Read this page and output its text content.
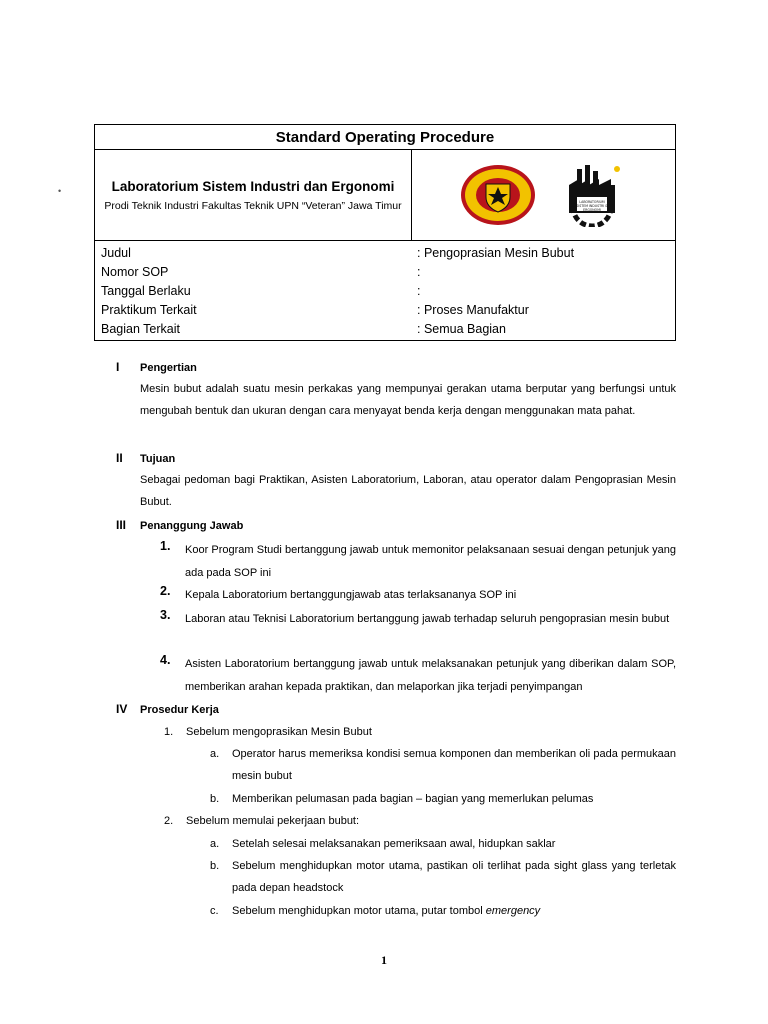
•
Standard Operating Procedure
Laboratorium Sistem Industri dan Ergonomi
Prodi Teknik Industri Fakultas Teknik UPN “Veteran” Jawa Timur	LABORATORIUM
SISTEM INDUSTRI &
ERGONOMI
Judul	: Pengoprasian Mesin Bubut
Nomor SOP	:
Tanggal Berlaku	:
Praktikum Terkait	: Proses Manufaktur
Bagian Terkait	: Semua Bagian
I Pengertian
Mesin bubut adalah suatu mesin perkakas yang mempunyai gerakan utama berputar yang berfungsi untuk mengubah bentuk dan ukuran dengan cara menyayat benda kerja dengan menggunakan mata pahat.
II Tujuan
Sebagai pedoman bagi Praktikan, Asisten Laboratorium, Laboran, atau operator dalam Pengoprasian Mesin Bubut.
III Penanggung Jawab
1. Koor Program Studi bertanggung jawab untuk memonitor pelaksanaan sesuai dengan petunjuk yang ada pada SOP ini
2. Kepala Laboratorium bertanggungjawab atas terlaksananya SOP ini
3. Laboran atau Teknisi Laboratorium bertanggung jawab terhadap seluruh pengoprasian mesin bubut
4. Asisten Laboratorium bertanggung jawab untuk melaksanakan petunjuk yang diberikan dalam SOP, memberikan arahan kepada praktikan, dan melaporkan jika terjadi penyimpangan
IV Prosedur Kerja
1. Sebelum mengoprasikan Mesin Bubut
a. Operator harus memeriksa kondisi semua komponen dan memberikan oli pada permukaan mesin bubut
b. Memberikan pelumasan pada bagian – bagian yang memerlukan pelumas
2. Sebelum memulai pekerjaan bubut:
a. Setelah selesai melaksanakan pemeriksaan awal, hidupkan saklar
b. Sebelum menghidupkan motor utama, pastikan oli terlihat pada sight glass yang terletak pada depan headstock
c. Sebelum menghidupkan motor utama, putar tombol emergency
1
